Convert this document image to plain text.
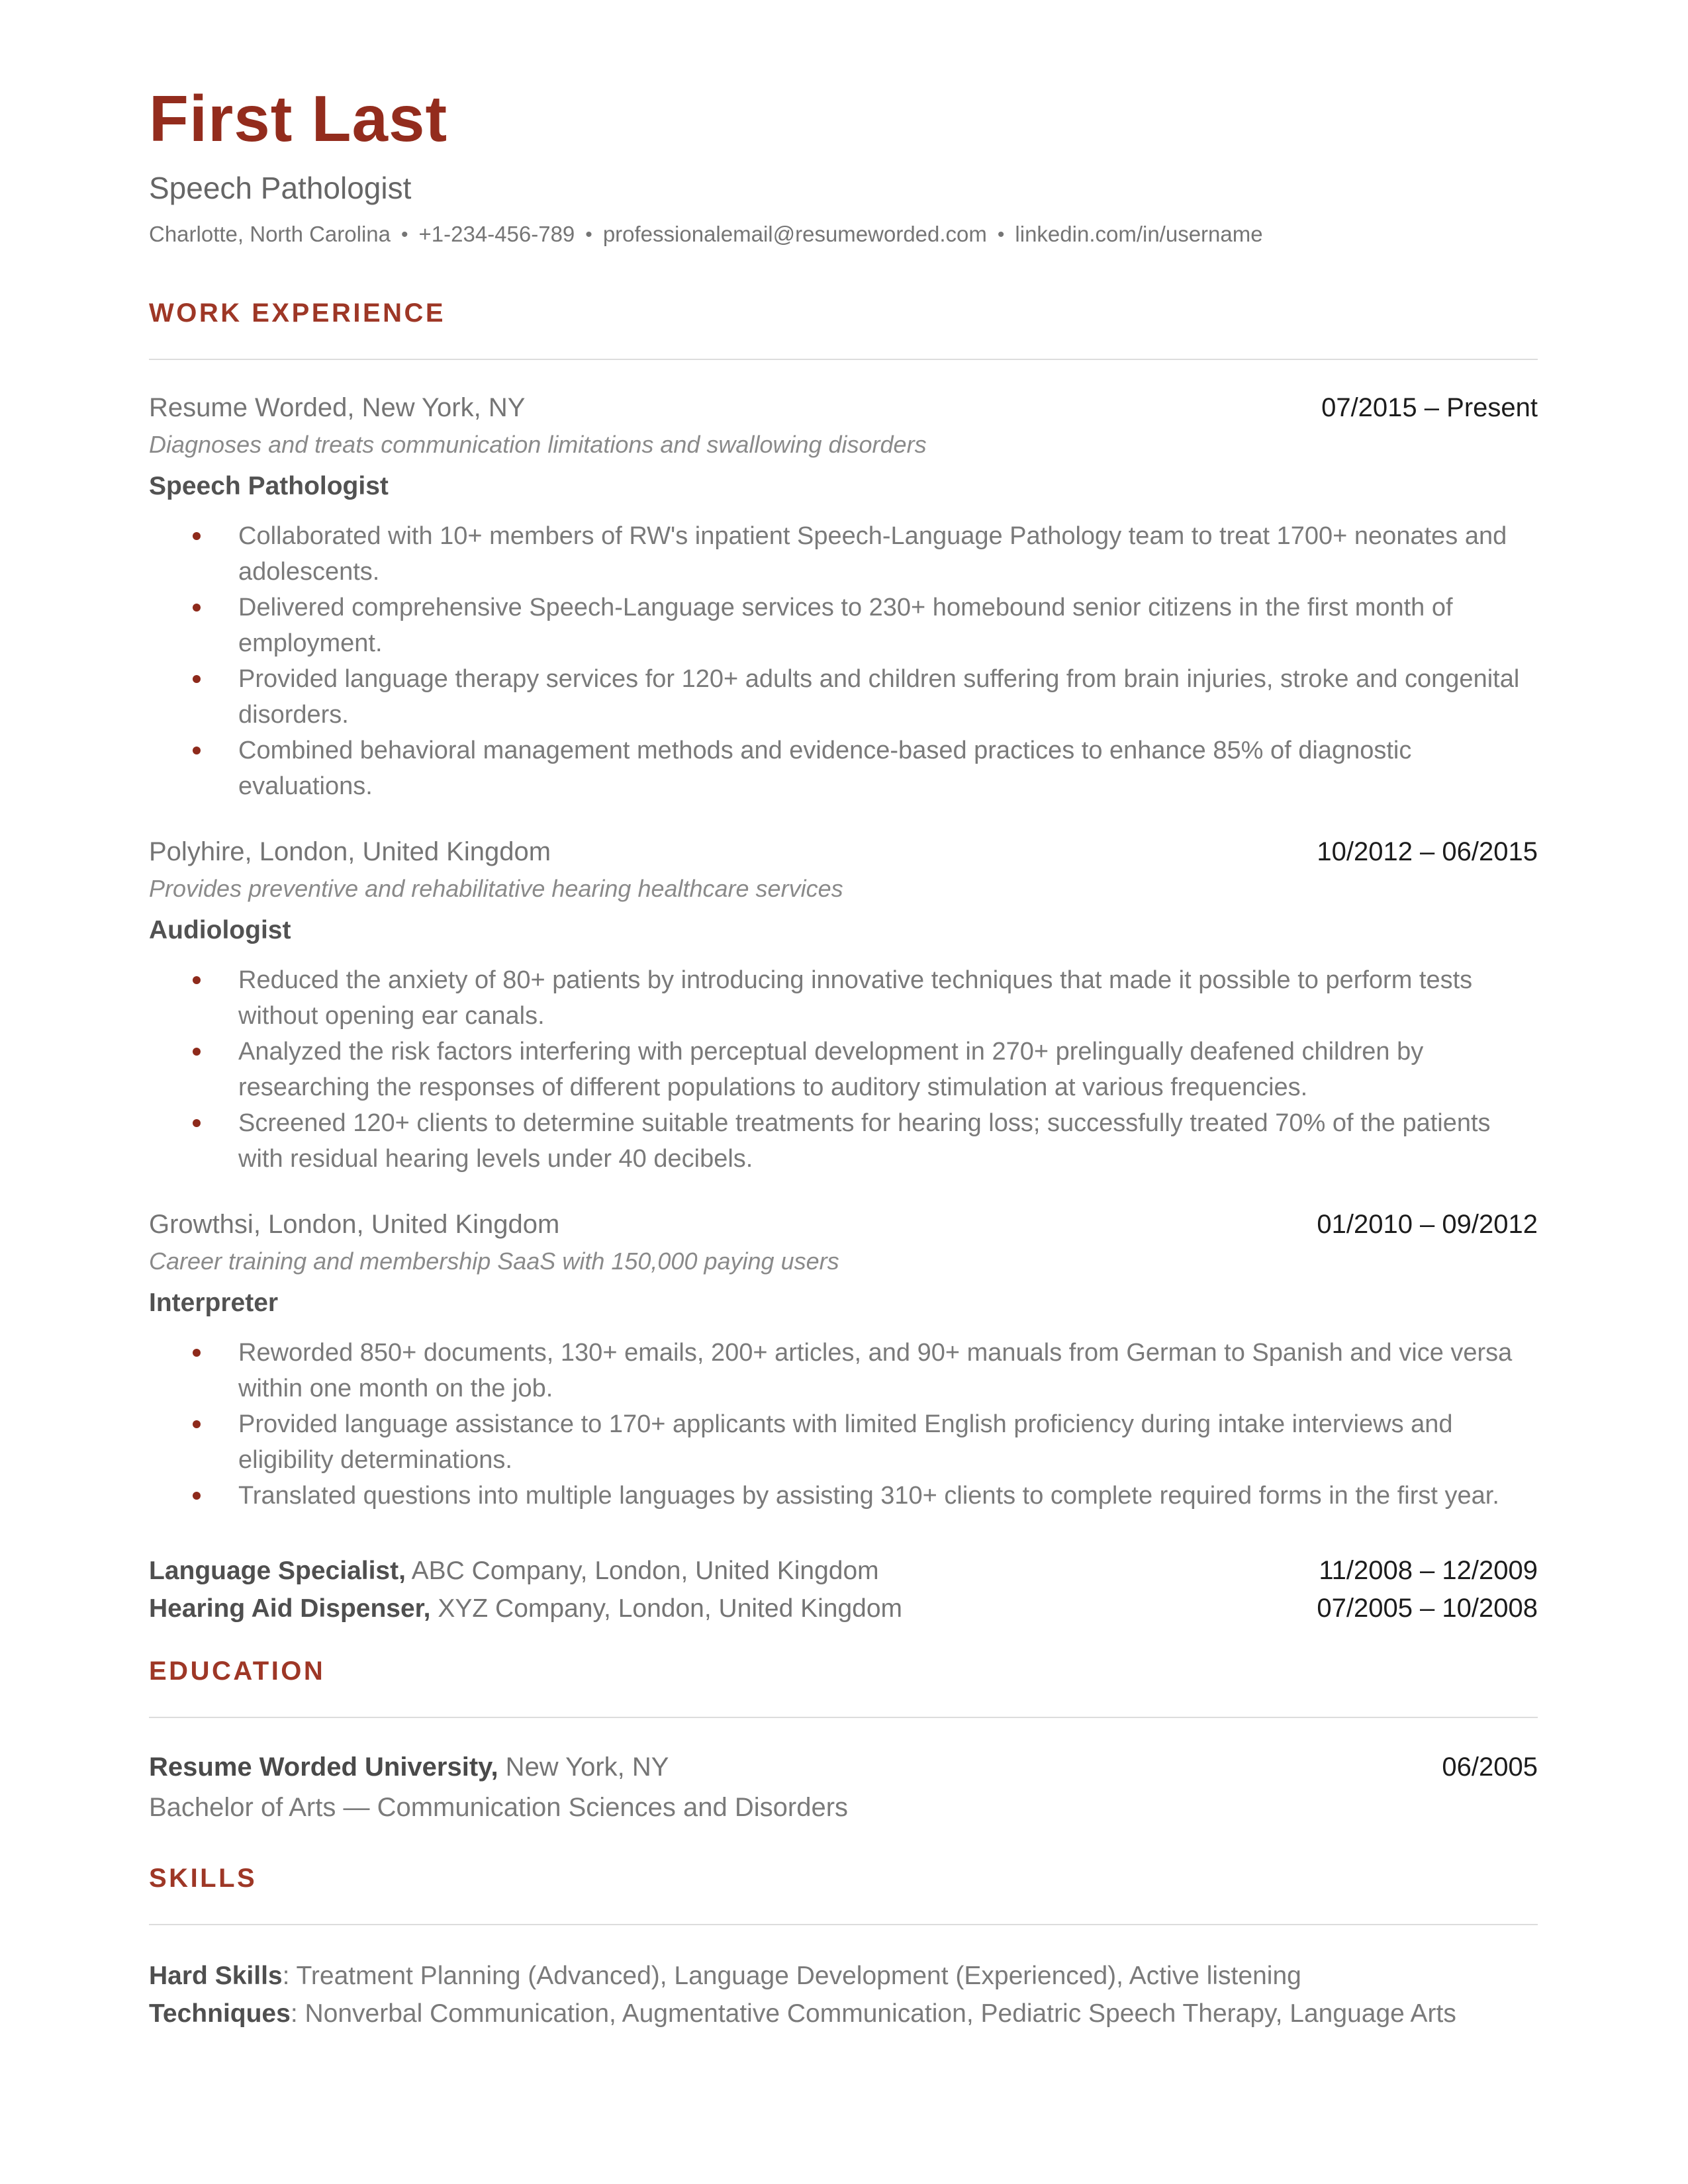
First Last
Speech Pathologist
Charlotte, North Carolina • +1-234-456-789 • professionalemail@resumeworded.com • linkedin.com/in/username
WORK EXPERIENCE
Resume Worded, New York, NY	07/2015 – Present
Diagnoses and treats communication limitations and swallowing disorders
Speech Pathologist
Collaborated with 10+ members of RW's inpatient Speech-Language Pathology team to treat 1700+ neonates and adolescents.
Delivered comprehensive Speech-Language services to 230+ homebound senior citizens in the first month of employment.
Provided language therapy services for 120+ adults and children suffering from brain injuries, stroke and congenital disorders.
Combined behavioral management methods and evidence-based practices to enhance 85% of diagnostic evaluations.
Polyhire, London, United Kingdom	10/2012 – 06/2015
Provides preventive and rehabilitative hearing healthcare services
Audiologist
Reduced the anxiety of 80+ patients by introducing innovative techniques that made it possible to perform tests without opening ear canals.
Analyzed the risk factors interfering with perceptual development in 270+ prelingually deafened children by researching the responses of different populations to auditory stimulation at various frequencies.
Screened 120+ clients to determine suitable treatments for hearing loss; successfully treated 70% of the patients with residual hearing levels under 40 decibels.
Growthsi, London, United Kingdom	01/2010 – 09/2012
Career training and membership SaaS with 150,000 paying users
Interpreter
Reworded 850+ documents, 130+ emails, 200+ articles, and 90+ manuals from German to Spanish and vice versa within one month on the job.
Provided language assistance to 170+ applicants with limited English proficiency during intake interviews and eligibility determinations.
Translated questions into multiple languages by assisting 310+ clients to complete required forms in the first year.
Language Specialist, ABC Company, London, United Kingdom	11/2008 – 12/2009
Hearing Aid Dispenser, XYZ Company, London, United Kingdom	07/2005 – 10/2008
EDUCATION
Resume Worded University, New York, NY	06/2005
Bachelor of Arts — Communication Sciences and Disorders
SKILLS
Hard Skills: Treatment Planning (Advanced), Language Development (Experienced), Active listening
Techniques: Nonverbal Communication, Augmentative Communication, Pediatric Speech Therapy, Language Arts
